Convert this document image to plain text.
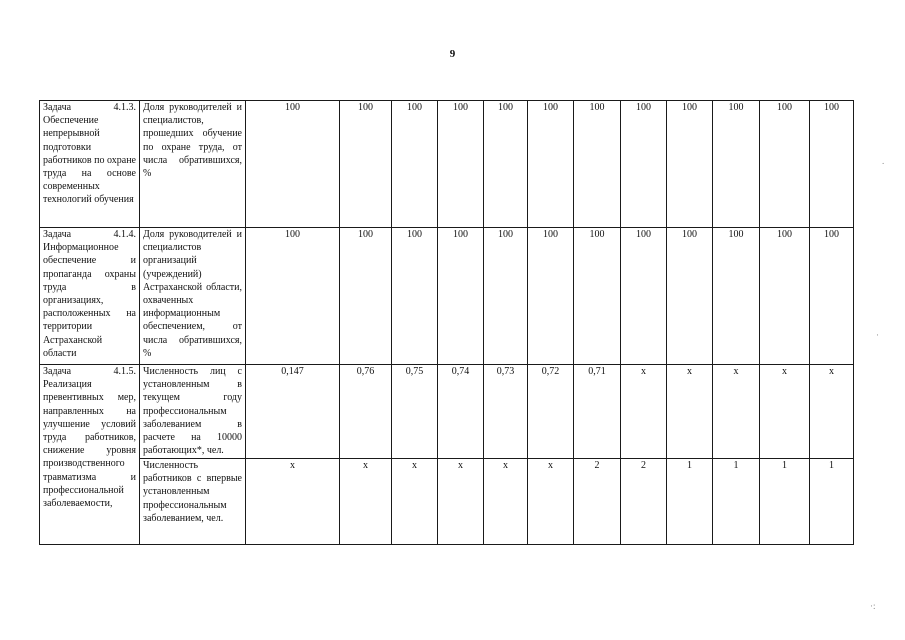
9
Задача 4.1.3. Обеспечение непрерывной подготовки работников по охране труда на основе современных технологий обучения	Доля руководителей и специалистов, прошедших обучение по охране труда, от числа обратившихся, %	100	100	100	100	100	100	100	100	100	100	100	100
Задача 4.1.4. Информационное обеспечение и пропаганда охраны труда в организациях, расположенных на территории Астраханской области	Доля руководителей и специалистов организаций (учреждений) Астраханской области, охваченных информационным обеспечением, от числа обратившихся, %	100	100	100	100	100	100	100	100	100	100	100	100
Задача 4.1.5. Реализация превентивных мер, направленных на улучшение условий труда работников, снижение уровня производственного травматизма и профессиональной заболеваемости,	Численность лиц с установленным в текущем году профессиональным заболеванием в расчете на 10000 работающих*, чел.	0,147	0,76	0,75	0,74	0,73	0,72	0,71	x	x	x	x	x
	Численность работников с впервые установленным профессиональным заболеванием, чел.	x	x	x	x	x	x	2	2	1	1	1	1
.
·
·:
